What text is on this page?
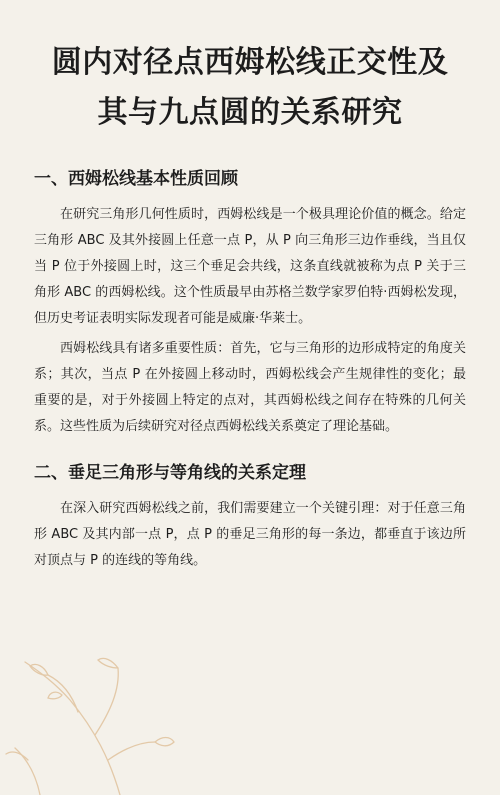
圆内对径点西姆松线正交性及
其与九点圆的关系研究
一、西姆松线基本性质回顾

在研究三角形几何性质时，西姆松线是一个极具理论价值的概念。给定三角形 ABC 及其外接圆上任意一点 P，从 P 向三角形三边作垂线，当且仅当 P 位于外接圆上时，这三个垂足会共线，这条直线就被称为点 P 关于三角形 ABC 的西姆松线。这个性质最早由苏格兰数学家罗伯特·西姆松发现，但历史考证表明实际发现者可能是威廉·华莱士。

西姆松线具有诸多重要性质：首先，它与三角形的边形成特定的角度关系；其次，当点 P 在外接圆上移动时，西姆松线会产生规律性的变化；最重要的是，对于外接圆上特定的点对，其西姆松线之间存在特殊的几何关系。这些性质为后续研究对径点西姆松线关系奠定了理论基础。

二、垂足三角形与等角线的关系定理

在深入研究西姆松线之前，我们需要建立一个关键引理：对于任意三角形 ABC 及其内部一点 P，点 P 的垂足三角形的每一条边，都垂直于该边所对顶点与 P 的连线的等角线。
